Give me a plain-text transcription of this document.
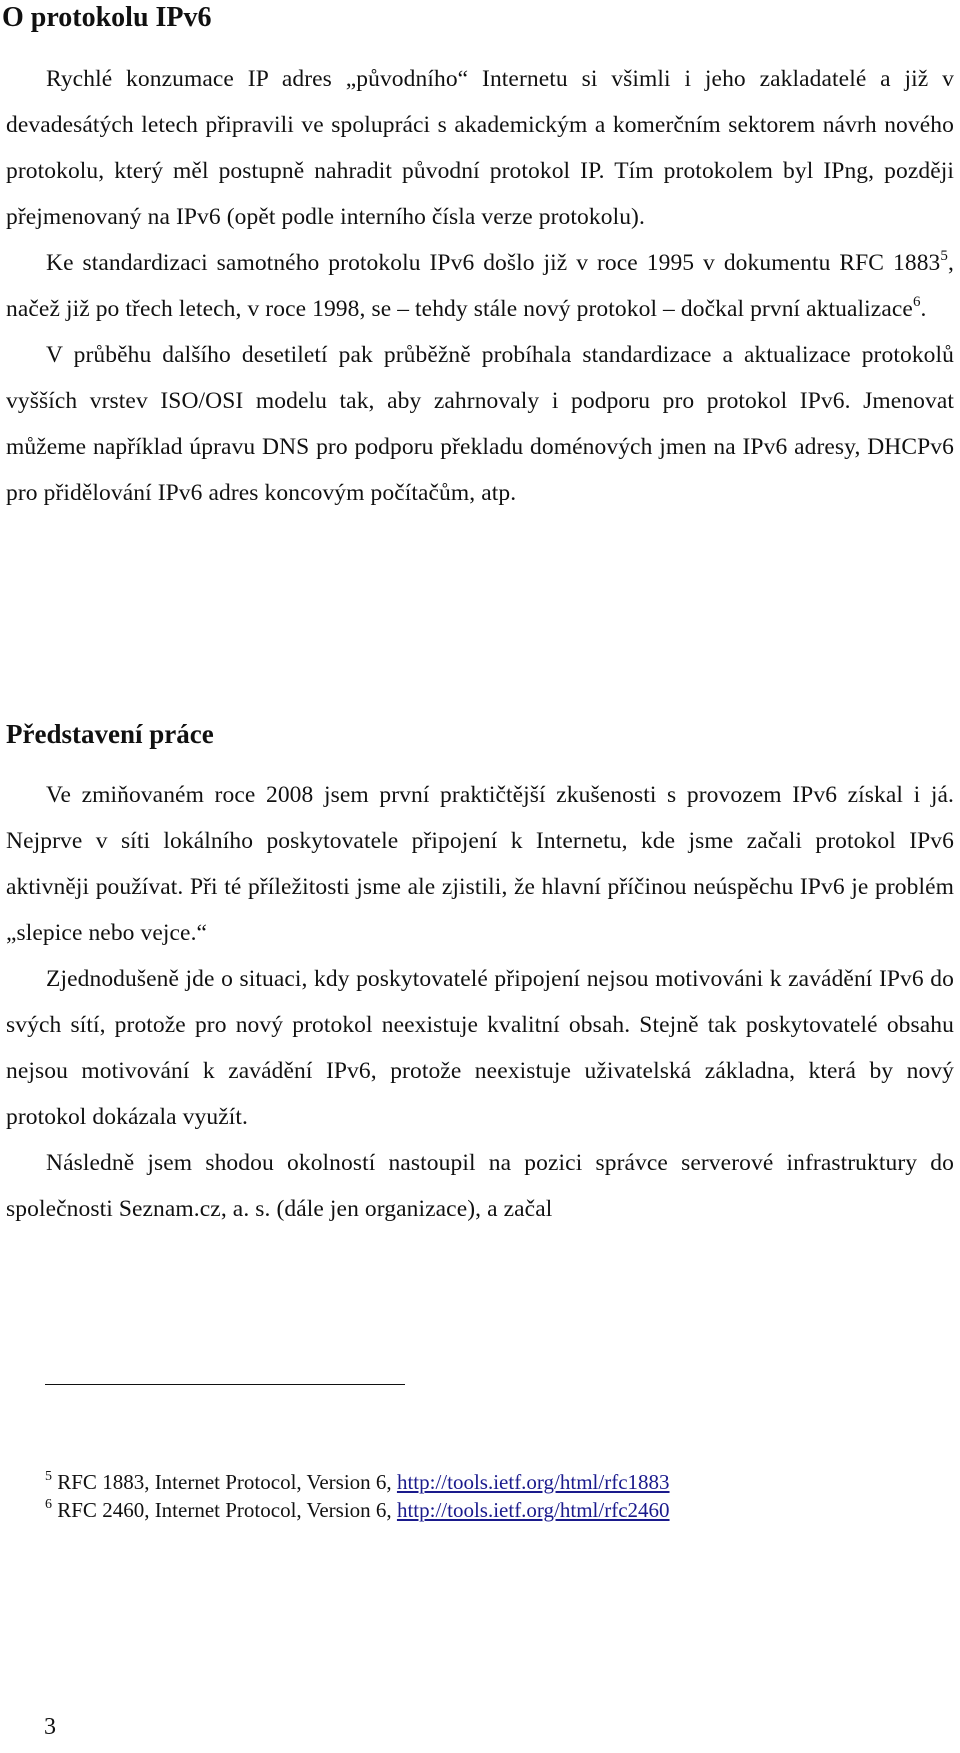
O protokolu IPv6

Rychlé konzumace IP adres „původního“ Internetu si všimli i jeho zakladatelé a již v devadesátých letech připravili ve spolupráci s akademickým a komerčním sektorem návrh nového protokolu, který měl postupně nahradit původní protokol IP. Tím protokolem byl IPng, později přejmenovaný na IPv6 (opět podle interního čísla verze protokolu).

Ke standardizaci samotného protokolu IPv6 došlo již v roce 1995 v dokumentu RFC 1883$^5$, načež již po třech letech, v roce 1998, se – tehdy stále nový protokol – dočkal první aktualizace$^6$.

V průběhu dalšího desetiletí pak průběžně probíhala standardizace a aktualizace protokolů vyšších vrstev ISO/OSI modelu tak, aby zahrnovaly i podporu pro protokol IPv6. Jmenovat můžeme například úpravu DNS pro podporu překladu doménových jmen na IPv6 adresy, DHCPv6 pro přidělování IPv6 adres koncovým počítačům, atp.

Představení práce

Ve zmiňovaném roce 2008 jsem první praktičtější zkušenosti s provozem IPv6 získal i já. Nejprve v síti lokálního poskytovatele připojení k Internetu, kde jsme začali protokol IPv6 aktivněji používat. Při té příležitosti jsme ale zjistili, že hlavní příčinou neúspěchu IPv6 je problém „slepice nebo vejce.“

Zjednodušeně jde o situaci, kdy poskytovatelé připojení nejsou motivováni k zavádění IPv6 do svých sítí, protože pro nový protokol neexistuje kvalitní obsah. Stejně tak poskytovatelé obsahu nejsou motivování k zavádění IPv6, protože neexistuje uživatelská základna, která by nový protokol dokázala využít.

Následně jsem shodou okolností nastoupil na pozici správce serverové infrastruktury do společnosti Seznam.cz, a. s. (dále jen organizace), a začal

$^5$ RFC 1883, Internet Protocol, Version 6, http://tools.ietf.org/html/rfc1883

$^6$ RFC 2460, Internet Protocol, Version 6, http://tools.ietf.org/html/rfc2460

3
